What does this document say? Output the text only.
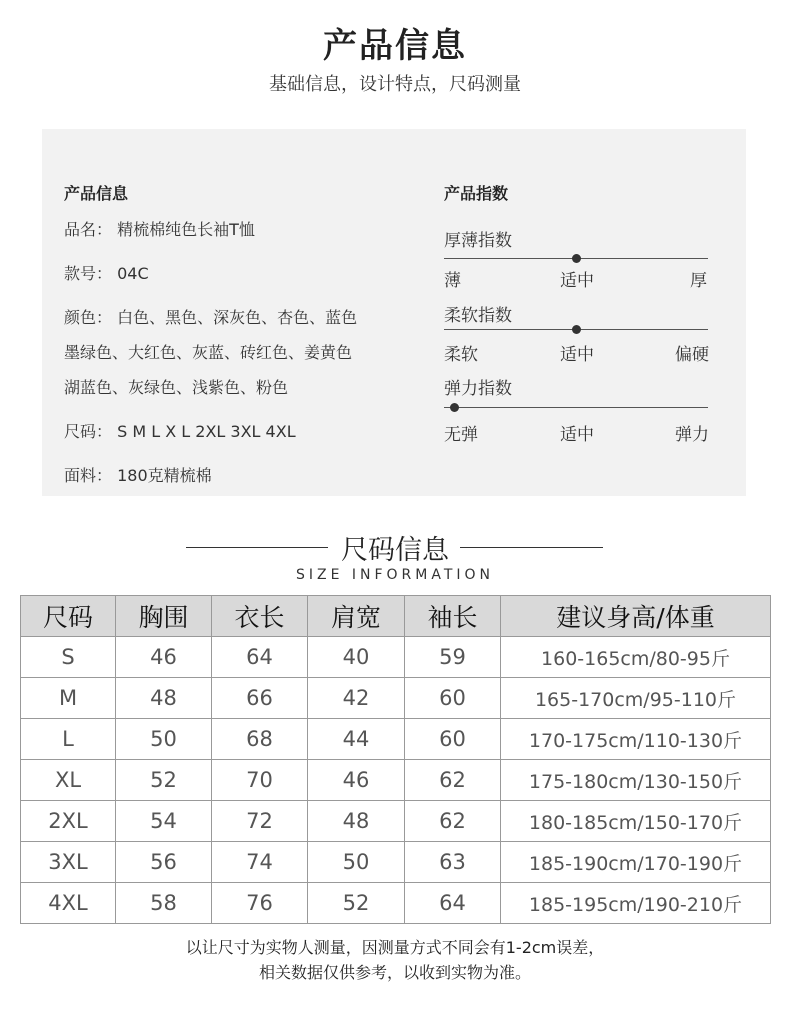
产品信息
基础信息，设计特点，尺码测量
产品信息
品名： 精梳棉纯色长袖T恤
款号： 04C
颜色： 白色、黑色、深灰色、杏色、蓝色
墨绿色、大红色、灰蓝、砖红色、姜黄色
湖蓝色、灰绿色、浅紫色、粉色
尺码： S M L X L 2XL 3XL 4XL
面料： 180克精梳棉
产品指数
厚薄指数
薄	适中	厚
柔软指数
柔软	适中	偏硬
弹力指数
无弹	适中	弹力
尺码信息
SIZE INFORMATION
尺码	胸围	衣长	肩宽	袖长	建议身高/体重
S	46	64	40	59	160-165cm/80-95斤
M	48	66	42	60	165-170cm/95-110斤
L	50	68	44	60	170-175cm/110-130斤
XL	52	70	46	62	175-180cm/130-150斤
2XL	54	72	48	62	180-185cm/150-170斤
3XL	56	74	50	63	185-190cm/170-190斤
4XL	58	76	52	64	185-195cm/190-210斤
以让尺寸为实物人测量，因测量方式不同会有1-2cm误差，
相关数据仅供参考，以收到实物为准。
